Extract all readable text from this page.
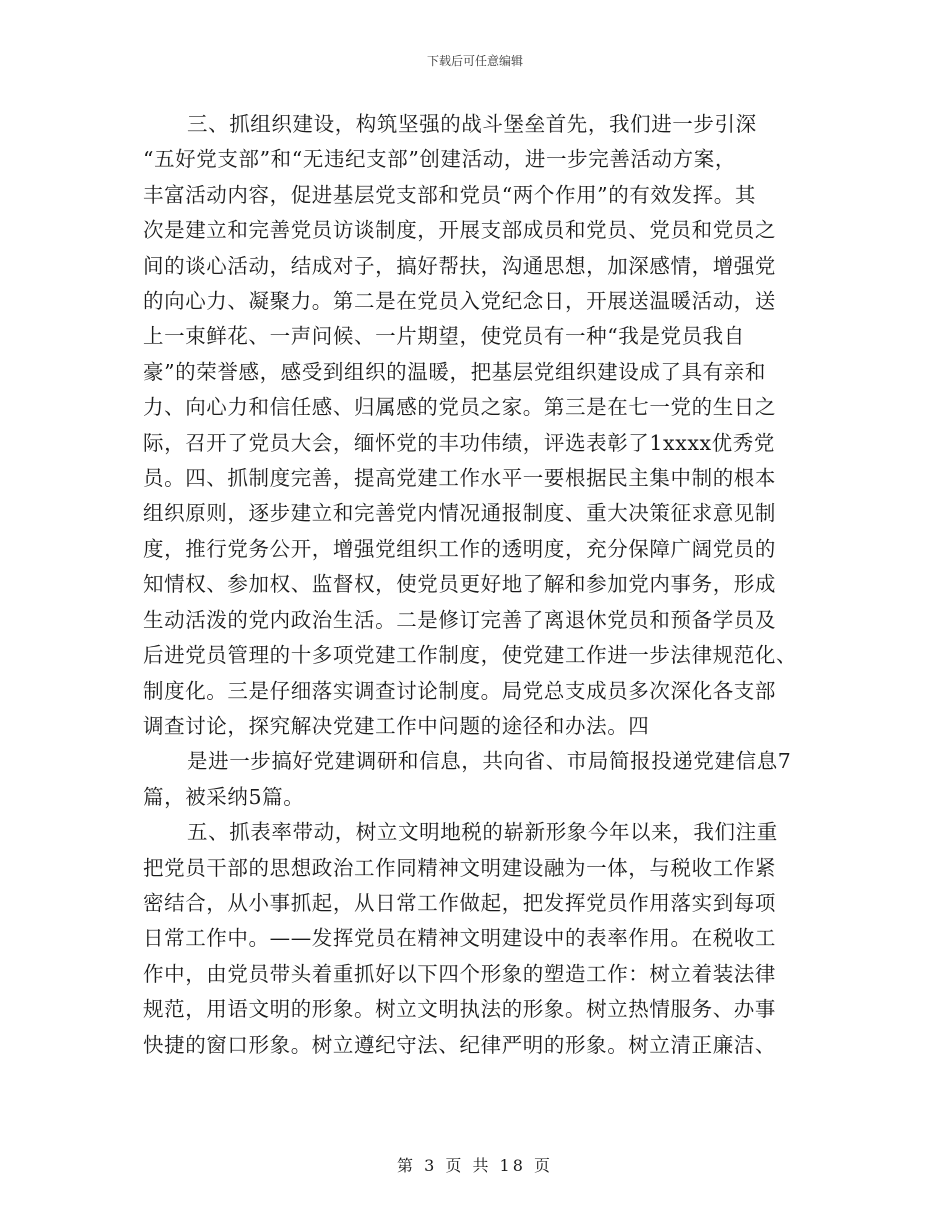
下载后可任意编辑

三、抓组织建设，构筑坚强的战斗堡垒首先，我们进一步引深
“五好党支部”和“无违纪支部”创建活动，进一步完善活动方案，
丰富活动内容，促进基层党支部和党员“两个作用”的有效发挥。其
次是建立和完善党员访谈制度，开展支部成员和党员、党员和党员之
间的谈心活动，结成对子，搞好帮扶，沟通思想，加深感情，增强党
的向心力、凝聚力。第二是在党员入党纪念日，开展送温暖活动，送
上一束鲜花、一声问候、一片期望，使党员有一种“我是党员我自
豪”的荣誉感，感受到组织的温暖，把基层党组织建设成了具有亲和
力、向心力和信任感、归属感的党员之家。第三是在七一党的生日之
际，召开了党员大会，缅怀党的丰功伟绩，评选表彰了1xxxx优秀党
员。四、抓制度完善，提高党建工作水平一要根据民主集中制的根本
组织原则，逐步建立和完善党内情况通报制度、重大决策征求意见制
度，推行党务公开，增强党组织工作的透明度，充分保障广阔党员的
知情权、参加权、监督权，使党员更好地了解和参加党内事务，形成
生动活泼的党内政治生活。二是修订完善了离退休党员和预备学员及
后进党员管理的十多项党建工作制度，使党建工作进一步法律规范化、
制度化。三是仔细落实调查讨论制度。局党总支成员多次深化各支部
调查讨论，探究解决党建工作中问题的途径和办法。四

是进一步搞好党建调研和信息，共向省、市局简报投递党建信息7
篇，被采纳5篇。

五、抓表率带动，树立文明地税的崭新形象今年以来，我们注重
把党员干部的思想政治工作同精神文明建设融为一体，与税收工作紧
密结合，从小事抓起，从日常工作做起，把发挥党员作用落实到每项
日常工作中。——发挥党员在精神文明建设中的表率作用。在税收工
作中，由党员带头着重抓好以下四个形象的塑造工作：树立着装法律
规范，用语文明的形象。树立文明执法的形象。树立热情服务、办事
快捷的窗口形象。树立遵纪守法、纪律严明的形象。树立清正廉洁、

第 3 页 共 18 页
